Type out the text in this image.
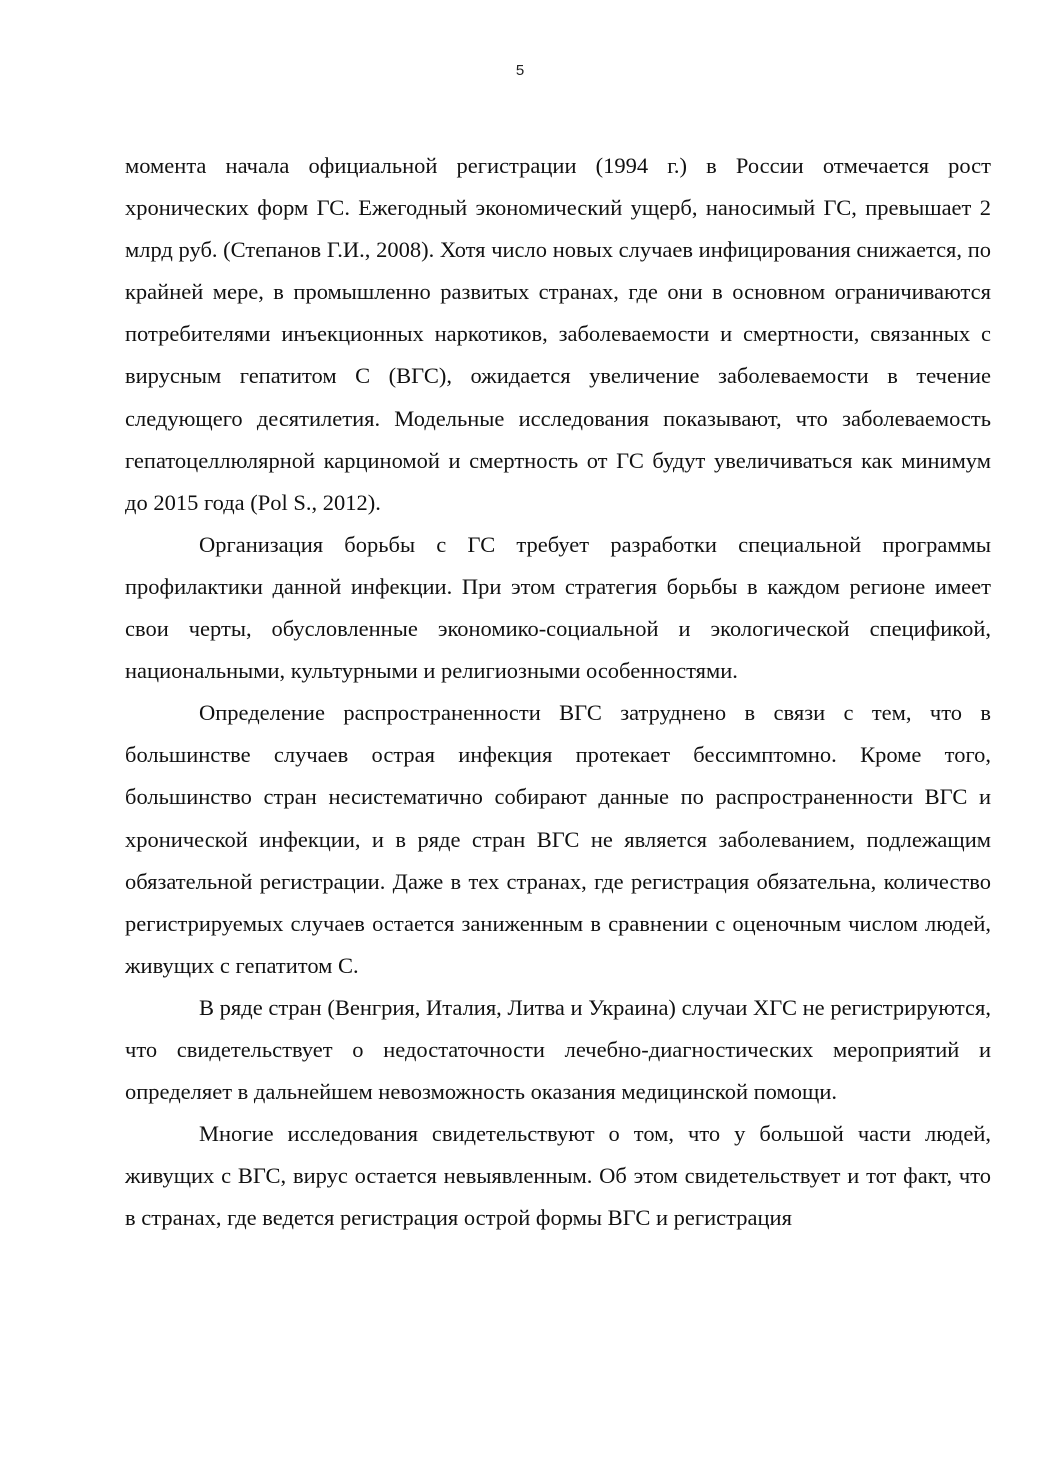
5

момента начала официальной регистрации (1994 г.) в России отмечается рост хронических форм ГС. Ежегодный экономический ущерб, наносимый ГС, превышает 2 млрд руб. (Степанов Г.И., 2008). Хотя число новых случаев инфицирования снижается, по крайней мере, в промышленно развитых странах, где они в основном ограничиваются потребителями инъекционных наркотиков, заболеваемости и смертности, связанных с вирусным гепатитом С (ВГС), ожидается увеличение заболеваемости в течение следующего десятилетия. Модельные исследования показывают, что заболеваемость гепатоцеллюлярной карциномой и смертность от ГС будут увеличиваться как минимум до 2015 года (Pol S., 2012).

Организация борьбы с ГС требует разработки специальной программы профилактики данной инфекции. При этом стратегия борьбы в каждом регионе имеет свои черты, обусловленные экономико-социальной и экологической спецификой, национальными, культурными и религиозными особенностями.

Определение распространенности ВГС затруднено в связи с тем, что в большинстве случаев острая инфекция протекает бессимптомно. Кроме того, большинство стран несистематично собирают данные по распространенности ВГС и хронической инфекции, и в ряде стран ВГС не является заболеванием, подлежащим обязательной регистрации. Даже в тех странах, где регистрация обязательна, количество регистрируемых случаев остается заниженным в сравнении с оценочным числом людей, живущих с гепатитом С.

В ряде стран (Венгрия, Италия, Литва и Украина) случаи ХГС не регистрируются, что свидетельствует о недостаточности лечебно-диагностических мероприятий и определяет в дальнейшем невозможность оказания медицинской помощи.

Многие исследования свидетельствуют о том, что у большой части людей, живущих с ВГС, вирус остается невыявленным. Об этом свидетельствует и тот факт, что в странах, где ведется регистрация острой формы ВГС и регистрация
